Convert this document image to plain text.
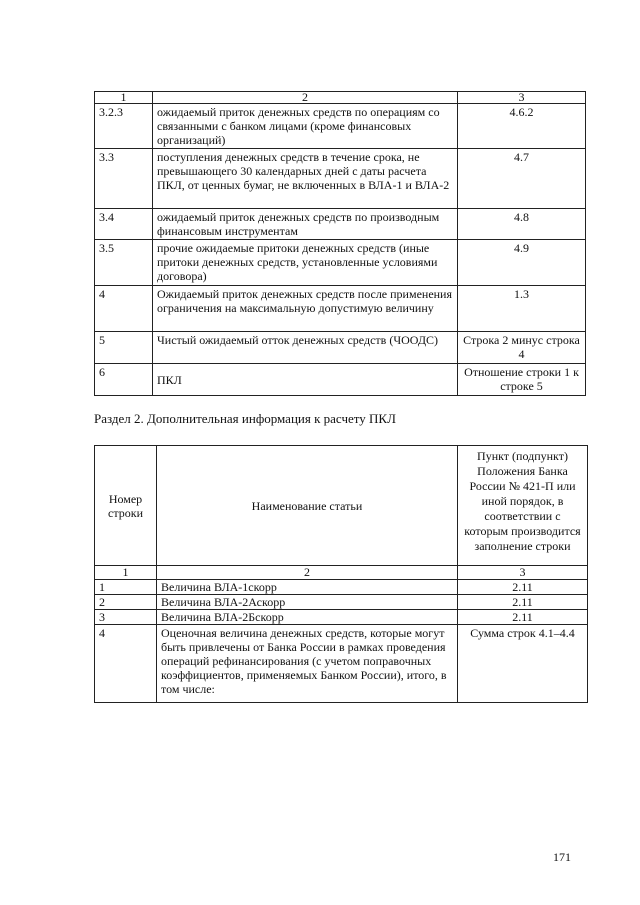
1	2	3
3.2.3	ожидаемый приток денежных средств по операциям со связанными с банком лицами (кроме финансовых организаций)	4.6.2
3.3	поступления денежных средств в течение срока, не превышающего 30 календарных дней с даты расчета ПКЛ, от ценных бумаг, не включенных в ВЛА-1 и ВЛА-2	4.7
3.4	ожидаемый приток денежных средств по производным финансовым инструментам	4.8
3.5	прочие ожидаемые притоки денежных средств (иные притоки денежных средств, установленные условиями договора)	4.9
4	Ожидаемый приток денежных средств после применения ограничения на максимальную допустимую величину	1.3
5	Чистый ожидаемый отток денежных средств (ЧООДС)	Строка 2 минус строка 4
6	ПКЛ	Отношение строки 1 к строке 5
Раздел 2. Дополнительная информация к расчету ПКЛ
Номер строки	Наименование статьи	Пункт (подпункт) Положения Банка России № 421-П или иной порядок, в соответствии с которым производится заполнение строки
1	2	3
1	Величина ВЛА-1скорр	2.11
2	Величина ВЛА-2Аскорр	2.11
3	Величина ВЛА-2Бскорр	2.11
4	Оценочная величина денежных средств, которые могут быть привлечены от Банка России в рамках проведения операций рефинансирования (с учетом поправочных коэффициентов, применяемых Банком России), итого, в том числе:	Сумма строк 4.1–4.4
171
